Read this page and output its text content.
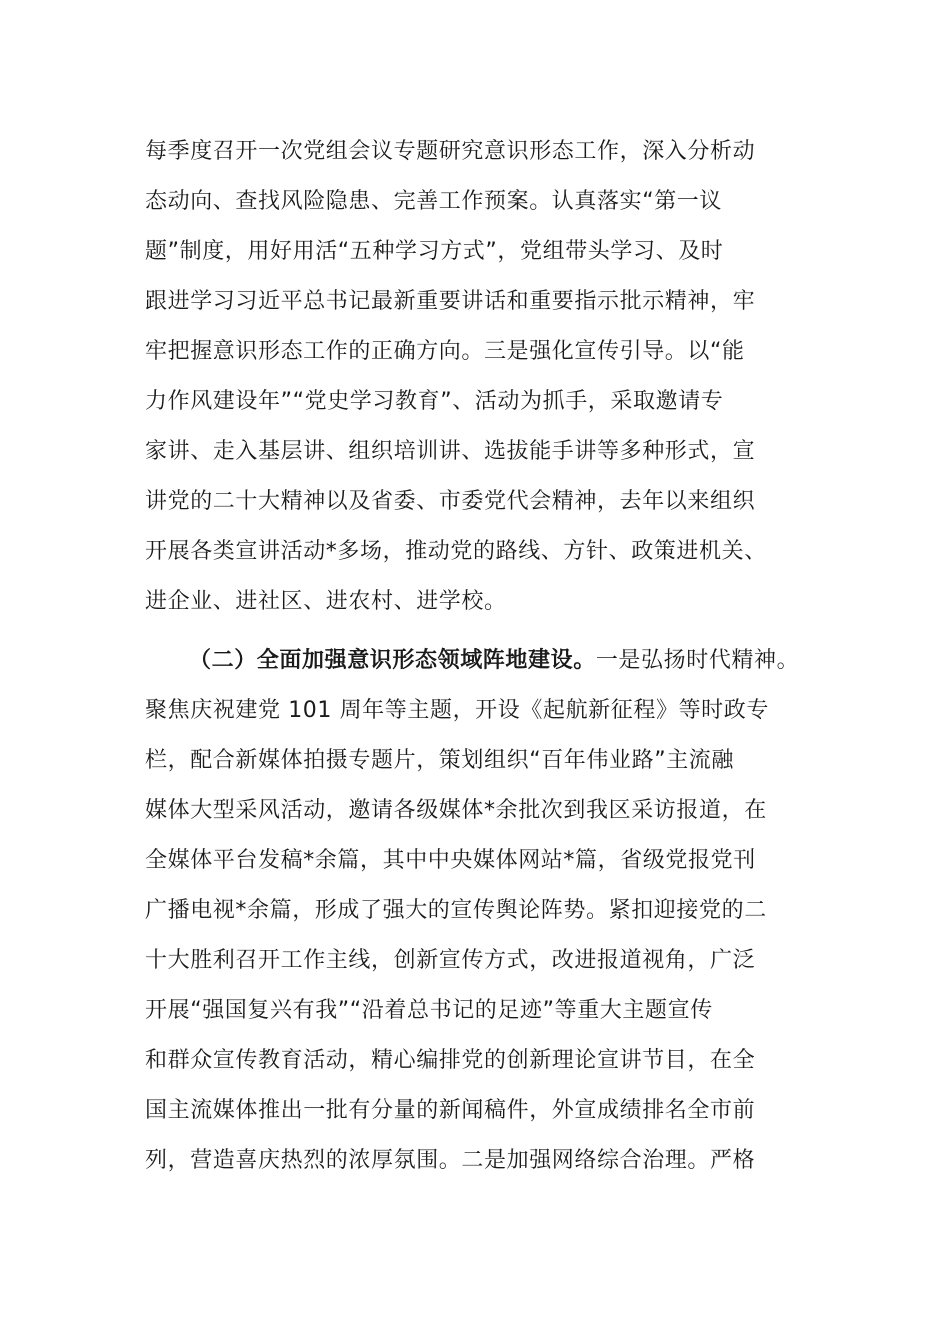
每季度召开一次党组会议专题研究意识形态工作，深入分析动
态动向、查找风险隐患、完善工作预案。认真落实“第一议
题”制度，用好用活“五种学习方式”，党组带头学习、及时
跟进学习习近平总书记最新重要讲话和重要指示批示精神，牢
牢把握意识形态工作的正确方向。三是强化宣传引导。以“能
力作风建设年”“党史学习教育”、活动为抓手，采取邀请专
家讲、走入基层讲、组织培训讲、选拔能手讲等多种形式，宣
讲党的二十大精神以及省委、市委党代会精神，去年以来组织
开展各类宣讲活动*多场，推动党的路线、方针、政策进机关、
进企业、进社区、进农村、进学校。
（二）全面加强意识形态领域阵地建设。一是弘扬时代精神。
聚焦庆祝建党 101 周年等主题，开设《起航新征程》等时政专
栏，配合新媒体拍摄专题片，策划组织“百年伟业路”主流融
媒体大型采风活动，邀请各级媒体*余批次到我区采访报道，在
全媒体平台发稿*余篇，其中中央媒体网站*篇，省级党报党刊
广播电视*余篇，形成了强大的宣传舆论阵势。紧扣迎接党的二
十大胜利召开工作主线，创新宣传方式，改进报道视角，广泛
开展“强国复兴有我”“沿着总书记的足迹”等重大主题宣传
和群众宣传教育活动，精心编排党的创新理论宣讲节目，在全
国主流媒体推出一批有分量的新闻稿件，外宣成绩排名全市前
列，营造喜庆热烈的浓厚氛围。二是加强网络综合治理。严格
